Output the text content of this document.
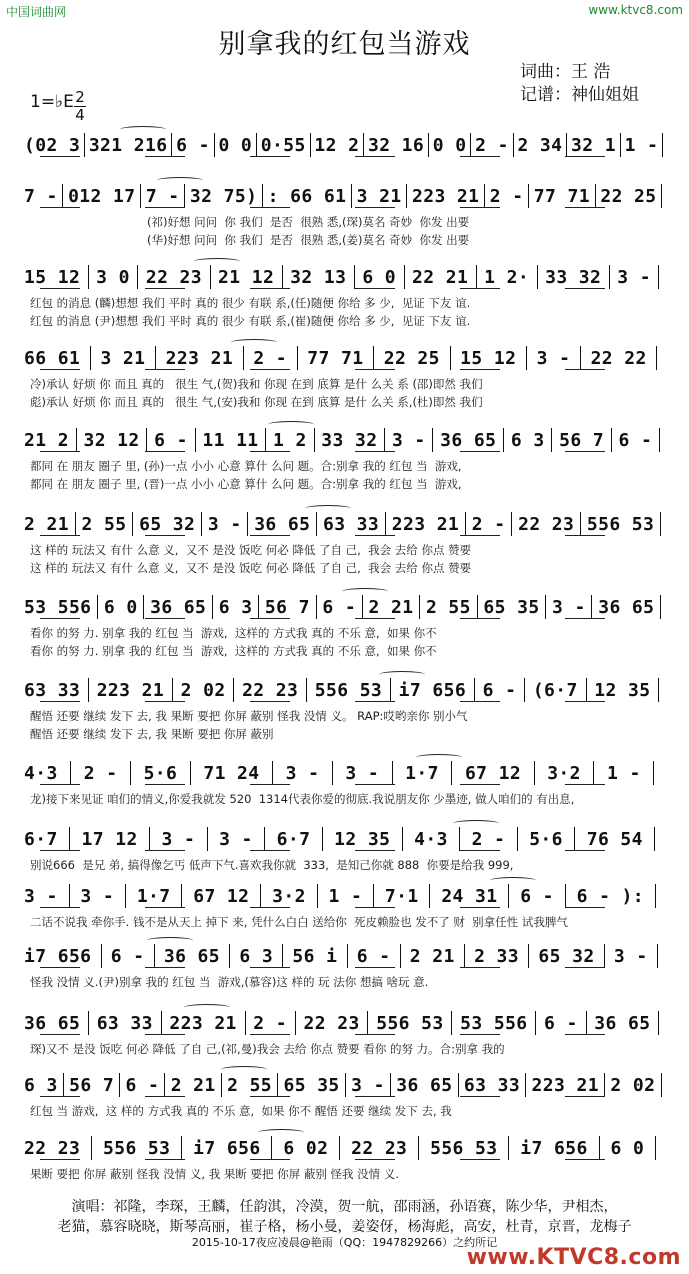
中国词曲网	www.ktvc8.com
别拿我的红包当游戏
词曲：王 浩
记谱：神仙姐姐
1=♭E 2
4
(02 3 321 216 6 - 0 0 0·55 12 2 32 16 0 0 2 - 2 34 32 1 1 -
7 - 012 17 7 - 32 75) : 66 61 3 21 223 21 2 - 77 71 22 25
(祁)好想 问问  你 我们  是否  很熟 悉,(琛)莫名 奇妙  你发 出要
(华)好想 问问  你 我们  是否  很熟 悉,(姜)莫名 奇妙  你发 出要
15 12 3 0 22 23 21 12 32 13 6 0 22 21 1 2· 33 32 3 -
红包 的消息 (麟)想想 我们 平时 真的 很少 有联 系,(任)随便 你给 多 少,  见证 下友 谊.
红包 的消息 (尹)想想 我们 平时 真的 很少 有联 系,(崔)随便 你给 多 少,  见证 下友 谊.
66 61 3 21 223 21 2 - 77 71 22 25 15 12 3 - 22 22
冷)承认 好烦 你 而且 真的   很生 气,(贺)我和 你现 在到 底算 是什 么关 系 (邵)即然 我们
彪)承认 好烦 你 而且 真的   很生 气,(安)我和 你现 在到 底算 是什 么关 系,(杜)即然 我们
21 2 32 12 6 - 11 11 1 2 33 32 3 - 36 65 6 3 56 7 6 -
都同 在 朋友 圈子 里, (孙)一点 小小 心意 算什 么问 题。合:别拿 我的 红包 当  游戏,
都同 在 朋友 圈子 里, (晋)一点 小小 心意 算什 么问 题。合:别拿 我的 红包 当  游戏,
2 21 2 55 65 32 3 - 36 65 63 33 223 21 2 - 22 23 556 53
这 样的 玩法又 有什 么意 义,  又不 是没 饭吃 何必 降低 了自 己,  我会 去给 你点 赞要
这 样的 玩法又 有什 么意 义,  又不 是没 饭吃 何必 降低 了自 己,  我会 去给 你点 赞要
53 556 6 0 36 65 6 3 56 7 6 - 2 21 2 55 65 35 3 - 36 65
看你 的努 力. 别拿 我的 红包 当  游戏,  这样的 方式我 真的 不乐 意,  如果 你不
看你 的努 力. 别拿 我的 红包 当  游戏,  这样的 方式我 真的 不乐 意,  如果 你不
63 33 223 21 2 02 22 23 556 53 i7 656 6 - (6·7 12 35
醒悟 还要 继续 发下 去, 我 果断 要把 你屏 蔽别 怪我 没情 义。 RAP:哎哟亲你 别小气
醒悟 还要 继续 发下 去, 我 果断 要把 你屏 蔽别
4·3 2 - 5·6 71 24 3 - 3 - 1·7 67 12 3·2 1 -
龙)接下来见证 咱们的情义,你爱我就发 520  1314代表你爱的彻底.我说朋友你 少墨迹, 做人咱们的 有出息,
6·7 17 12 3 - 3 - 6·7 12 35 4·3 2 - 5·6 76 54
别说666  是兄 弟, 搞得像乞丐 低声下气.喜欢我你就  333,  是知己你就 888  你要是给我 999,
3 - 3 - 1·7 67 12 3·2 1 - 7·1 24 31 6 - 6 - ):
二话不说我 牵你手. 钱不是从天上 掉下 来, 凭什么白白 送给你  死皮赖脸也 发不了 财  别拿任性 试我脾气
i7 656 6 - 36 65 6 3 56 i 6 - 2 21 2 33 65 32 3 -
怪我 没情 义.(尹)别拿 我的 红包 当  游戏,(慕容)这 样的 玩 法你 想搞 啥玩 意.
36 65 63 33 223 21 2 - 22 23 556 53 53 556 6 - 36 65
琛)又不 是没 饭吃 何必 降低 了自 己,(祁,曼)我会 去给 你点 赞要 看你 的努 力。合:别拿 我的
6 3 56 7 6 - 2 21 2 55 65 35 3 - 36 65 63 33 223 21 2 02
红包 当 游戏,  这 样的 方式我 真的 不乐 意,  如果 你不 醒悟 还要 继续 发下 去, 我
22 23 556 53 i7 656 6 02 22 23 556 53 i7 656 6 0
果断 要把 你屏 蔽别 怪我 没情 义, 我 果断 要把 你屏 蔽别 怪我 没情 义.
演唱：祁隆，李琛，王麟，任韵淇，冷漠，贺一航，邵雨涵，孙语赛，陈少华，尹相杰，
老猫，慕容晓晓，斯琴高丽，崔子格，杨小曼，姜姿伢，杨海彪，高安，杜青，京晋，龙梅子
2015-10-17夜应凌晨@艳雨（QQ：1947829266）之约所记
www.KTVC8.com
